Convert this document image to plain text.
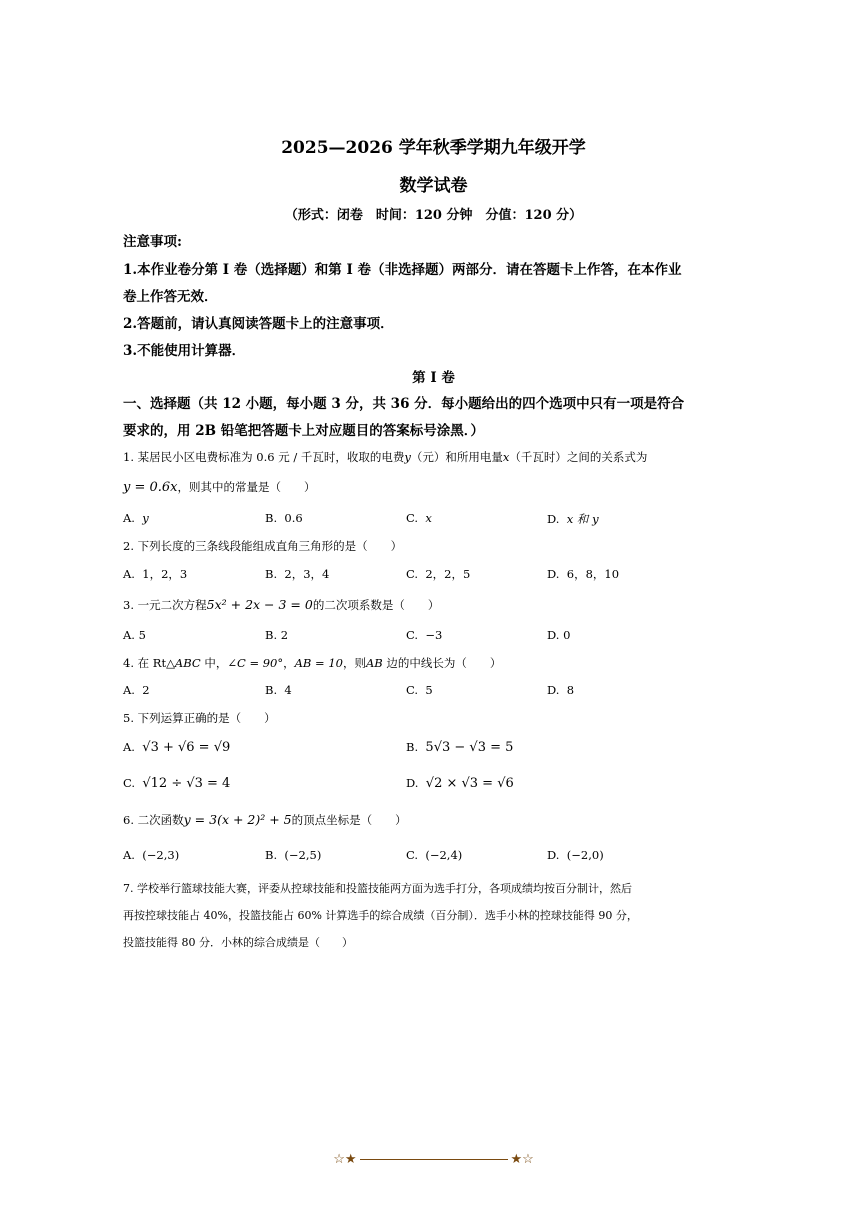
2025—2026 学年秋季学期九年级开学
数学试卷
（形式：闭卷　时间：120 分钟　分值：120 分）
注意事项:
1.本作业卷分第 Ⅰ 卷（选择题）和第 Ⅰ 卷（非选择题）两部分．请在答题卡上作答，在本作业
卷上作答无效．
2.答题前，请认真阅读答题卡上的注意事项．
3.不能使用计算器．
第 Ⅰ 卷
一、选择题（共 12 小题，每小题 3 分，共 36 分．每小题给出的四个选项中只有一项是符合
要求的，用 2B 铅笔把答题卡上对应题目的答案标号涂黑．）
1. 某居民小区电费标准为 0.6 元 / 千瓦时，收取的电费y（元）和所用电量x（千瓦时）之间的关系式为
y = 0.6x，则其中的常量是（　　）
A. y	B. 0.6	C. x	D. x 和 y
2. 下列长度的三条线段能组成直角三角形的是（　　）
A. 1，2，3	B. 2，3，4	C. 2，2，5	D. 6，8，10
3. 一元二次方程5x² + 2x − 3 = 0的二次项系数是（　　）
A. 5	B. 2	C. −3	D. 0
4. 在 Rt△ABC 中，∠C = 90°，AB = 10，则AB 边的中线长为（　　）
A. 2	B. 4	C. 5	D. 8
5. 下列运算正确的是（　　）
A. √3 + √6 = √9	B. 5√3 − √3 = 5
C. √12 ÷ √3 = 4	D. √2 × √3 = √6
6. 二次函数y = 3(x + 2)² + 5的顶点坐标是（　　）
A. (−2,3)	B. (−2,5)	C. (−2,4)	D. (−2,0)
7. 学校举行篮球技能大赛，评委从控球技能和投篮技能两方面为选手打分，各项成绩均按百分制计，然后
再按控球技能占 40%，投篮技能占 60% 计算选手的综合成绩（百分制）．选手小林的控球技能得 90 分，
投篮技能得 80 分．小林的综合成绩是（　　）
☆★	★☆
